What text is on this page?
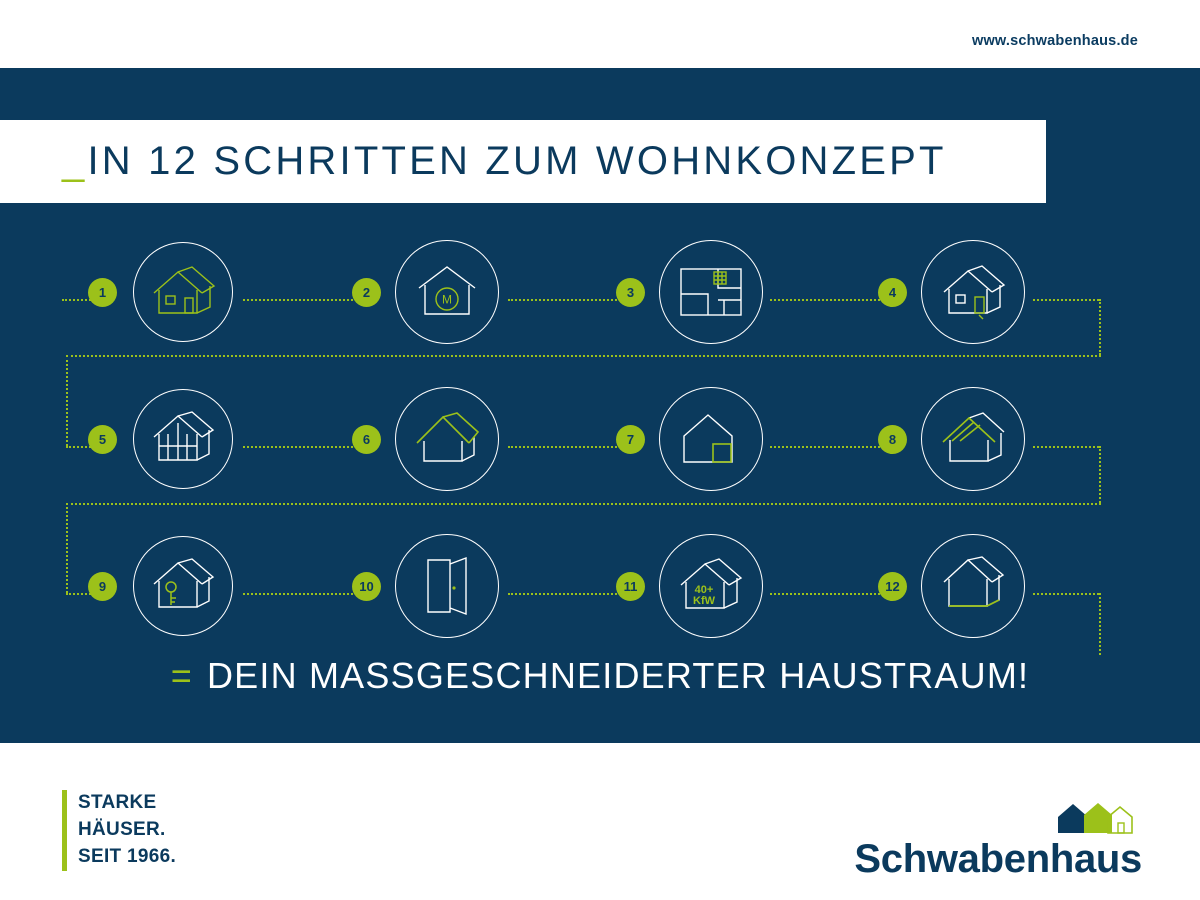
www.schwabenhaus.de
_IN 12 SCHRITTEN ZUM WOHNKONZEPT
1	2	M	3	4
5	6	7	8
9	10	11	40+
KfW
12
= DEIN MASSGESCHNEIDERTER HAUSTRAUM!
STARKE
HÄUSER.
SEIT 1966.	Schwabenhaus
